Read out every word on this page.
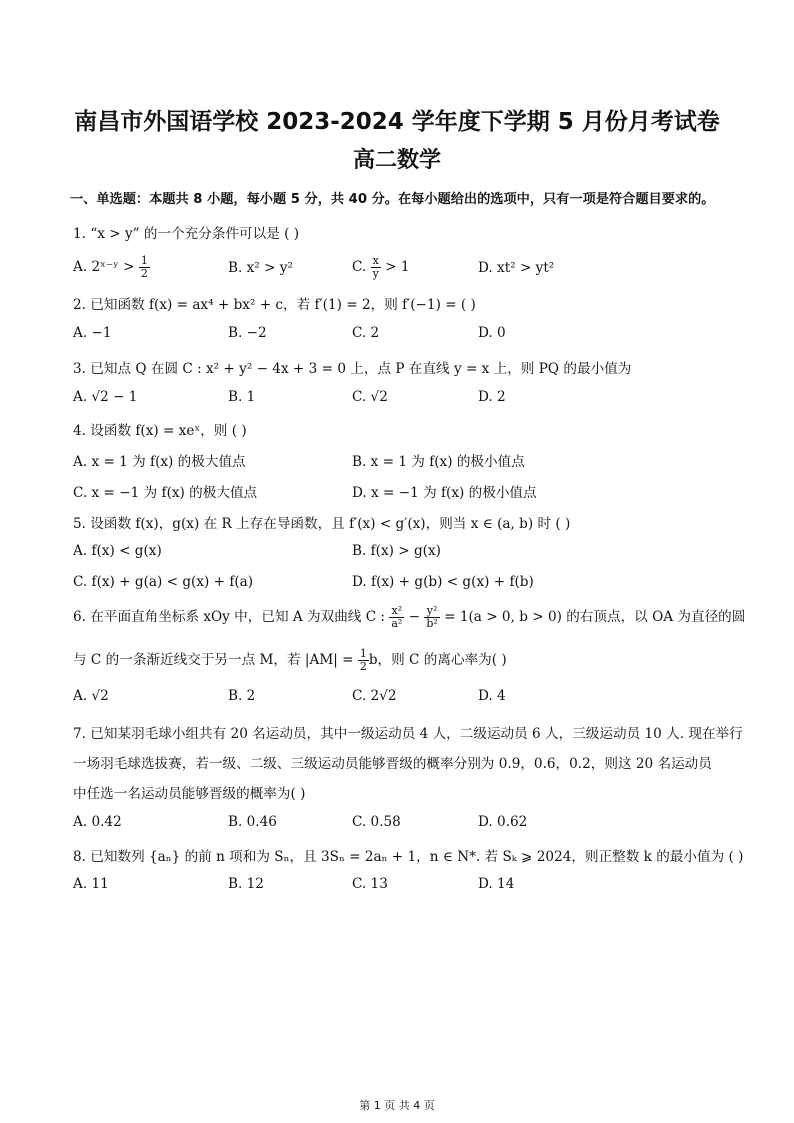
南昌市外国语学校 2023-2024 学年度下学期 5 月份月考试卷
高二数学
一、单选题：本题共 8 小题，每小题 5 分，共 40 分。在每小题给出的选项中，只有一项是符合题目要求的。
1. “x > y” 的一个充分条件可以是 ( )
A. 2ˣ⁻ʸ > $\frac{1}{2}$	B. x² > y²	C. $\frac{x}{y} > 1$	D. xt² > yt²
2. 已知函数 f(x) = ax⁴ + bx² + c，若 f′(1) = 2，则 f′(−1) = ( )
A. −1	B. −2	C. 2	D. 0
3. 已知点 Q 在圆 C : x² + y² − 4x + 3 = 0 上，点 P 在直线 y = x 上，则 PQ 的最小值为
A. √2 − 1	B. 1	C. √2	D. 2
4. 设函数 f(x) = xeˣ，则 ( )
A. x = 1 为 f(x) 的极大值点	B. x = 1 为 f(x) 的极小值点
C. x = −1 为 f(x) 的极大值点	D. x = −1 为 f(x) 的极小值点
5. 设函数 f(x)，g(x) 在 R 上存在导函数，且 f′(x) < g′(x)，则当 x ∈ (a, b) 时 ( )
A. f(x) < g(x)	B. f(x) > g(x)
C. f(x) + g(a) < g(x) + f(a)	D. f(x) + g(b) < g(x) + f(b)
6. 在平面直角坐标系 xOy 中，已知 A 为双曲线 C : $\frac{\text{x²}}{\text{a²}} - \frac{\text{y²}}{\text{b²}} = 1(a > 0$, b > 0) 的右顶点，以 OA 为直径的圆
与 C 的一条渐近线交于另一点 M，若 $|AM| = \frac{1}{2}$ b，则 C 的离心率为( )
A. √2	B. 2	C. 2√2	D. 4
7. 已知某羽毛球小组共有 20 名运动员，其中一级运动员 4 人，二级运动员 6 人，三级运动员 10 人. 现在举行
一场羽毛球选拔赛，若一级、二级、三级运动员能够晋级的概率分别为 0.9，0.6，0.2，则这 20 名运动员
中任选一名运动员能够晋级的概率为( )
A. 0.42	B. 0.46	C. 0.58	D. 0.62
8. 已知数列 {aₙ} 的前 n 项和为 Sₙ，且 3Sₙ = 2aₙ + 1，n ∈ N*. 若 Sₖ ⩾ 2024，则正整数 k 的最小值为 ( )
A. 11	B. 12	C. 13	D. 14
第 1 页 共 4 页
